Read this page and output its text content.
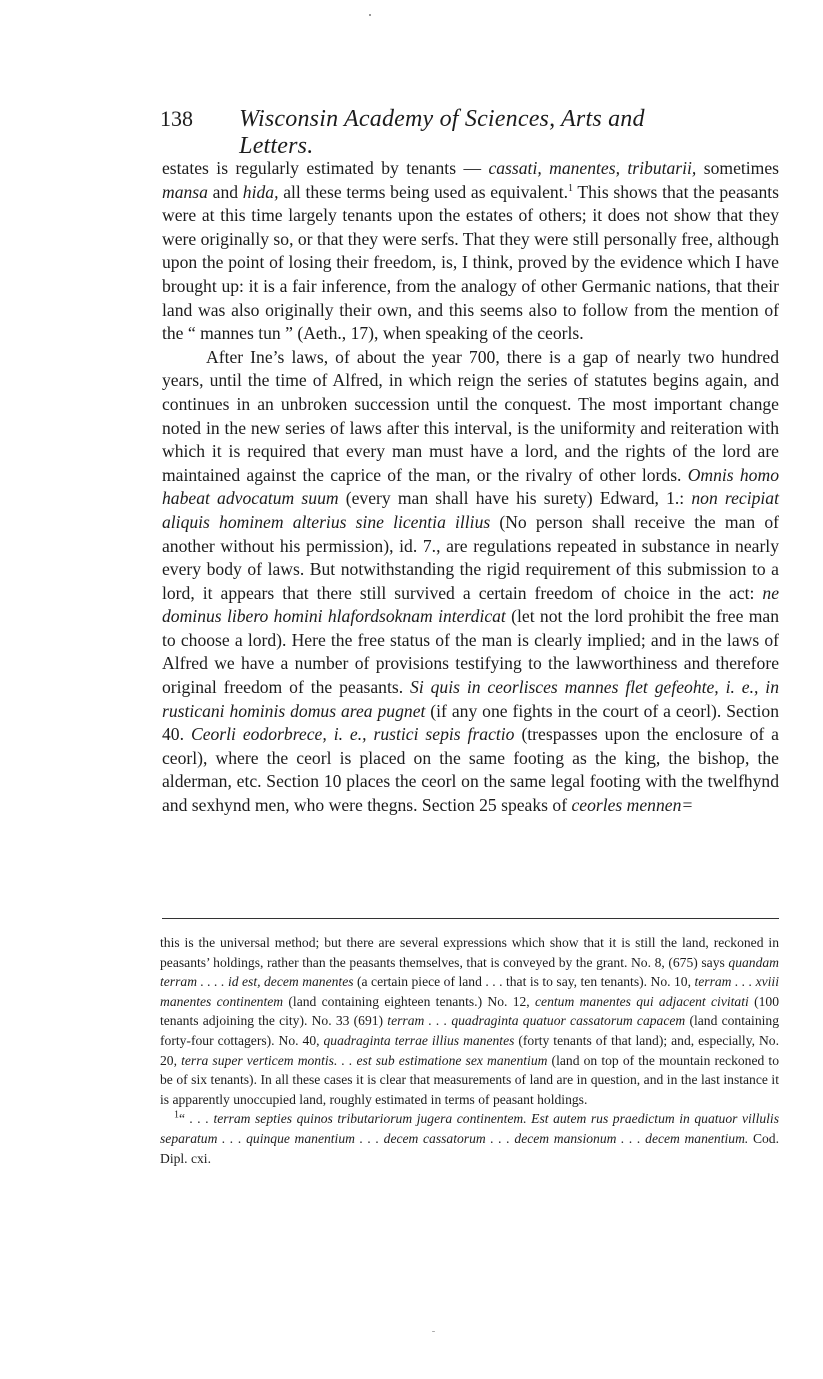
138	Wisconsin Academy of Sciences, Arts and Letters.

estates is regularly estimated by tenants — cassati, manentes, tributarii, sometimes mansa and hida, all these terms being used as equivalent.$^1$ This shows that the peasants were at this time largely tenants upon the estates of others; it does not show that they were originally so, or that they were serfs. That they were still personally free, although upon the point of losing their freedom, is, I think, proved by the evidence which I have brought up: it is a fair inference, from the analogy of other Germanic nations, that their land was also originally their own, and this seems also to follow from the mention of the “ mannes tun ” (Aeth., 17), when speaking of the ceorls.

After Ine’s laws, of about the year 700, there is a gap of nearly two hundred years, until the time of Alfred, in which reign the series of statutes begins again, and continues in an unbroken succession until the conquest. The most important change noted in the new series of laws after this interval, is the uniformity and reiteration with which it is required that every man must have a lord, and the rights of the lord are maintained against the caprice of the man, or the rivalry of other lords. Omnis homo habeat advocatum suum (every man shall have his surety) Edward, 1.: non recipiat aliquis hominem alterius sine licentia illius (No person shall receive the man of another without his permission), id. 7., are regulations repeated in substance in nearly every body of laws. But notwithstanding the rigid requirement of this submission to a lord, it appears that there still survived a certain freedom of choice in the act: ne dominus libero homini hlafordsoknam interdicat (let not the lord prohibit the free man to choose a lord). Here the free status of the man is clearly implied; and in the laws of Alfred we have a number of provisions testifying to the lawworthiness and therefore original freedom of the peasants. Si quis in ceorlisces mannes flet gefeohte, i. e., in rusticani hominis domus area pugnet (if any one fights in the court of a ceorl). Section 40. Ceorli eodorbrece, i. e., rustici sepis fractio (trespasses upon the enclosure of a ceorl), where the ceorl is placed on the same footing as the king, the bishop, the alderman, etc. Section 10 places the ceorl on the same legal footing with the twelfhynd and sexhynd men, who were thegns. Section 25 speaks of ceorles mennen=

this is the universal method; but there are several expressions which show that it is still the land, reckoned in peasants’ holdings, rather than the peasants themselves, that is conveyed by the grant. No. 8, (675) says quandam terram . . . . id est, decem manentes (a certain piece of land . . . that is to say, ten tenants). No. 10, terram . . . xviii manentes continentem (land containing eighteen tenants.) No. 12, centum manentes qui adjacent civitati (100 tenants adjoining the city). No. 33 (691) terram . . . quadraginta quatuor cassatorum capacem (land containing forty-four cottagers). No. 40, quadraginta terrae illius manentes (forty tenants of that land); and, especially, No. 20, terra super verticem montis. . . est sub estimatione sex manentium (land on top of the mountain reckoned to be of six tenants). In all these cases it is clear that measurements of land are in question, and in the last instance it is apparently unoccupied land, roughly estimated in terms of peasant holdings.

$^1$“ . . . terram septies quinos tributariorum jugera continentem. Est autem rus praedictum in quatuor villulis separatum . . . quinque manentium . . . decem cassatorum . . . decem mansionum . . . decem manentium. Cod. Dipl. cxi.
